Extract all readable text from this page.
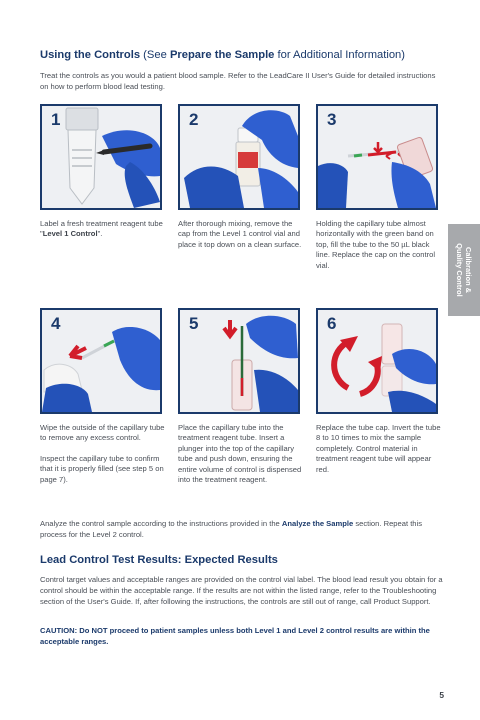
Using the Controls (See Prepare the Sample for Additional Information)

Treat the controls as you would a patient blood sample. Refer to the LeadCare II User's Guide for detailed instructions on how to perform blood lead testing.

1
Label a fresh treatment reagent tube "Level 1 Control".
2
After thorough mixing, remove the cap from the Level 1 control vial and place it top down on a clean surface.
3
Holding the capillary tube almost horizontally with the green band on top, fill the tube to the 50 µL black line. Replace the cap on the control vial.
4
Wipe the outside of the capillary tube to remove any excess control.
Inspect the capillary tube to confirm that it is properly filled (see step 5 on page 7).
5
Place the capillary tube into the treatment reagent tube. Insert a plunger into the top of the capillary tube and push down, ensuring the entire volume of control is dispensed into the treatment reagent.
6
Replace the tube cap. Invert the tube 8 to 10 times to mix the sample completely. Control material in treatment reagent tube will appear red.
Calibration &
Quality Control

Analyze the control sample according to the instructions provided in the Analyze the Sample section. Repeat this process for the Level 2 control.

Lead Control Test Results: Expected Results

Control target values and acceptable ranges are provided on the control vial label. The blood lead result you obtain for a control should be within the acceptable range. If the results are not within the listed range, refer to the Troubleshooting section of the User's Guide. If, after following the instructions, the controls are still out of range, call Product Support.

CAUTION: Do NOT proceed to patient samples unless both Level 1 and Level 2 control results are within the acceptable ranges.

5
